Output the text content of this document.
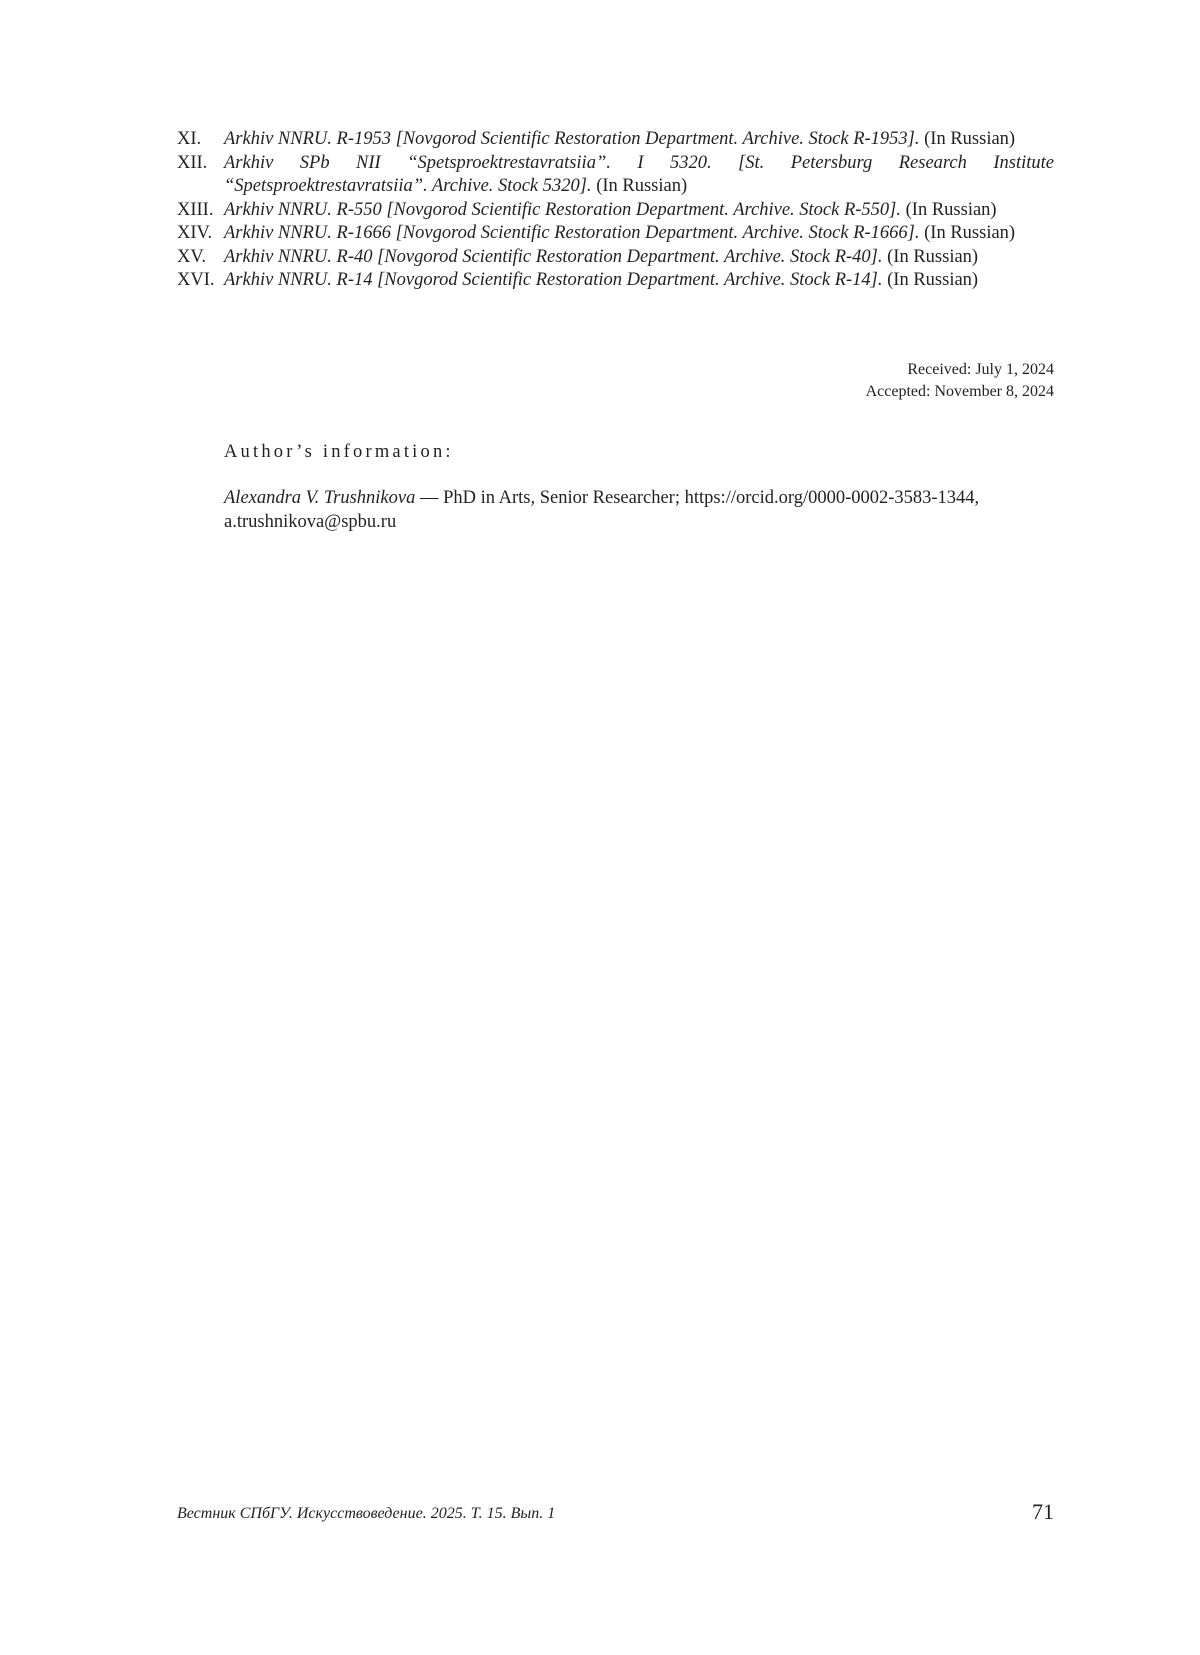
XI.	Arkhiv NNRU. R-1953 [Novgorod Scientific Restoration Department. Archive. Stock R-1953]. (In Russian)
XII. Arkhiv SPb NII “Spetsproektrestavratsiia”. I 5320. [St. Petersburg Research Institute “Spetsproektrestavratsiia”. Archive. Stock 5320]. (In Russian)
XIII. Arkhiv NNRU. R-550 [Novgorod Scientific Restoration Department. Archive. Stock R-550]. (In Russian)
XIV. Arkhiv NNRU. R-1666 [Novgorod Scientific Restoration Department. Archive. Stock R-1666]. (In Russian)
XV. Arkhiv NNRU. R-40 [Novgorod Scientific Restoration Department. Archive. Stock R-40]. (In Russian)
XVI. Arkhiv NNRU. R-14 [Novgorod Scientific Restoration Department. Archive. Stock R-14]. (In Russian)
Received: July 1, 2024
Accepted: November 8, 2024
Author’s information:
Alexandra V. Trushnikova — PhD in Arts, Senior Researcher; https://orcid.org/0000-0002-3583-1344, a.trushnikova@spbu.ru
Вестник СПбГУ. Искусствоведение. 2025. Т. 15. Вып. 1	71
